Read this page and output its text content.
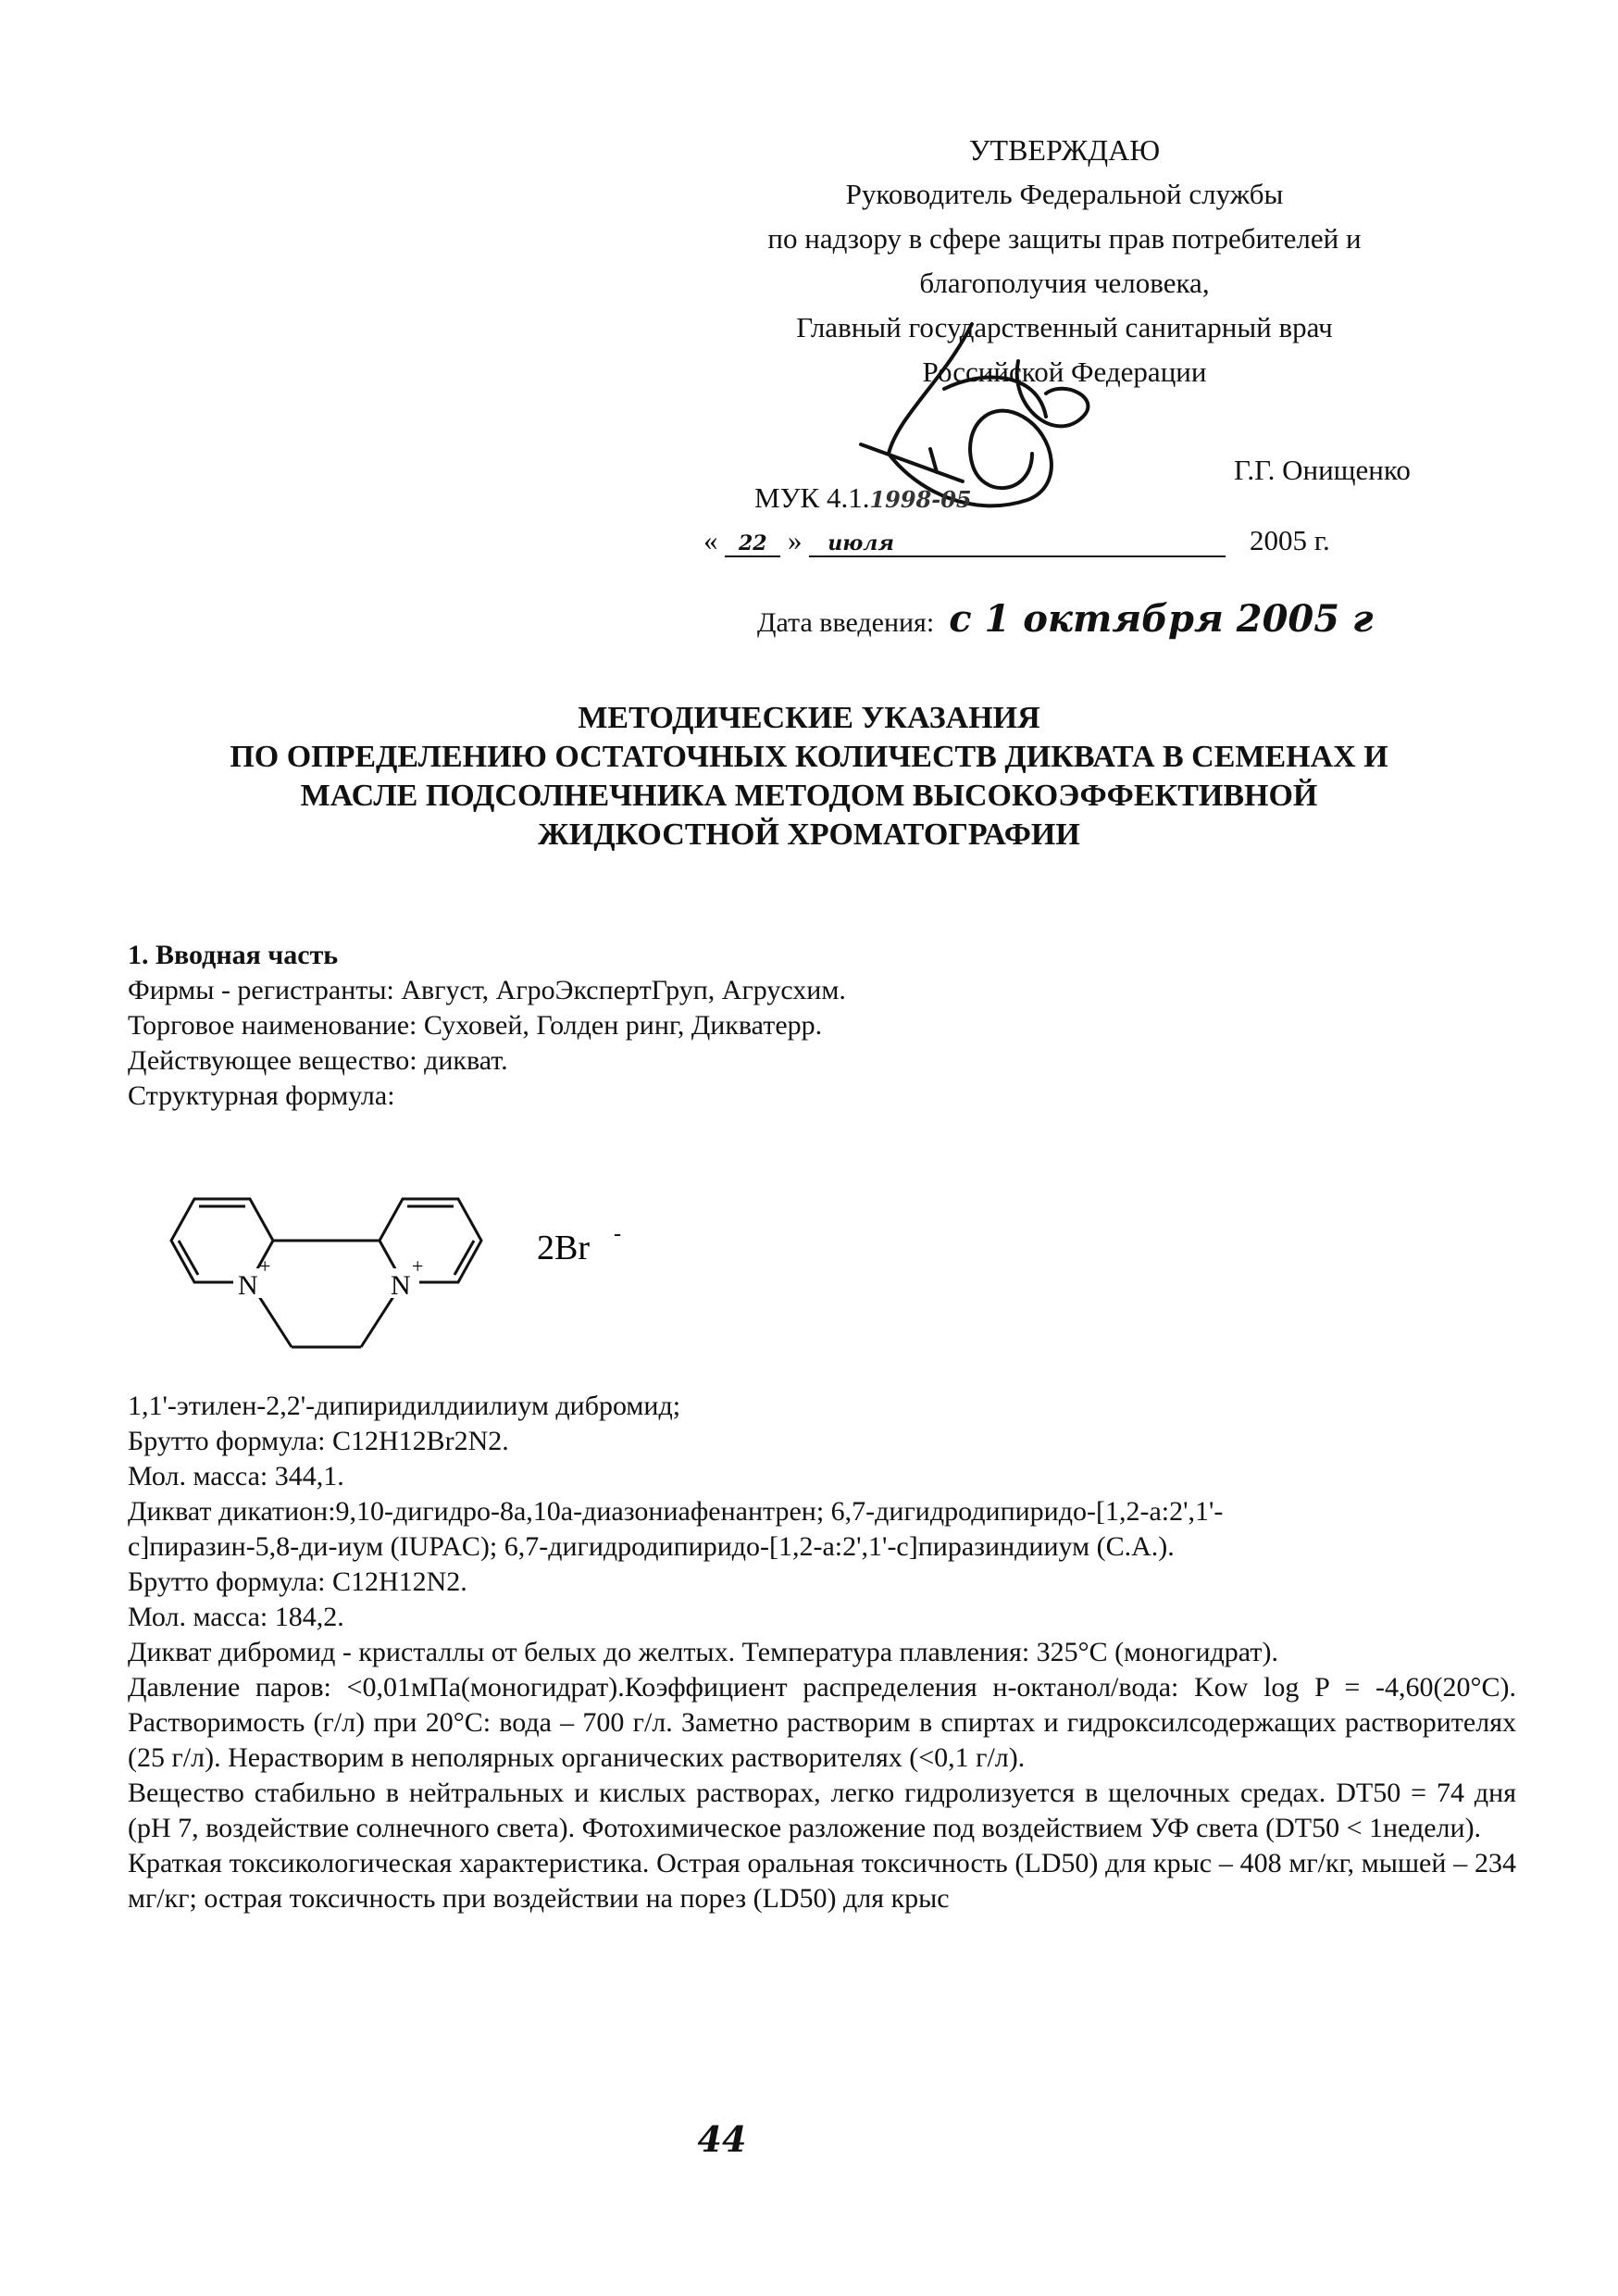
УТВЕРЖДАЮ
Руководитель Федеральной службы
по надзору в сфере защиты прав потребителей и
благополучия человека,
Главный государственный санитарный врач
Российской Федерации
Г.Г. Онищенко
МУК 4.1.1998-05
« 22 » июля	2005 г.
Дата введения: с 1 октября 2005 г
МЕТОДИЧЕСКИЕ УКАЗАНИЯ
ПО ОПРЕДЕЛЕНИЮ ОСТАТОЧНЫХ КОЛИЧЕСТВ ДИКВАТА В СЕМЕНАХ И
МАСЛЕ ПОДСОЛНЕЧНИКА МЕТОДОМ ВЫСОКОЭФФЕКТИВНОЙ
ЖИДКОСТНОЙ ХРОМАТОГРАФИИ
1. Вводная часть
Фирмы - регистранты: Август, АгроЭкспертГруп, Агрусхим.
Торговое наименование: Суховей, Голден ринг, Дикватерр.
Действующее вещество: дикват.
Структурная формула:
N
+
N
+	2Br -
1,1'-этилен-2,2'-дипиридилдиилиум дибромид;
Брутто формула: C12H12Br2N2.
Мол. масса: 344,1.
Дикват дикатион:9,10-дигидро-8a,10a-диазониафенантрен; 6,7-дигидродипиридо-[1,2-a:2',1'-
c]пиразин-5,8-ди-иум (IUPAC); 6,7-дигидродипиридо-[1,2-a:2',1'-c]пиразиндииум (C.A.).
Брутто формула: C12H12N2.
Мол. масса: 184,2.
Дикват дибромид - кристаллы от белых до желтых. Температура плавления: 325°C (моногидрат).
Давление паров: <0,01мПа(моногидрат).Коэффициент распределения н-октанол/вода: Kow log P = -4,60(20°C). Растворимость (г/л) при 20°C: вода – 700 г/л. Заметно растворим в спиртах и гидроксилсодержащих растворителях (25 г/л). Нерастворим в неполярных органических растворителях (<0,1 г/л).
Вещество стабильно в нейтральных и кислых растворах, легко гидролизуется в щелочных средах. DT50 = 74 дня (pH 7, воздействие солнечного света). Фотохимическое разложение под воздействием УФ света (DT50 < 1недели).
Краткая токсикологическая характеристика. Острая оральная токсичность (LD50) для крыс – 408 мг/кг, мышей – 234 мг/кг; острая токсичность при воздействии на порез (LD50) для крыс
44
